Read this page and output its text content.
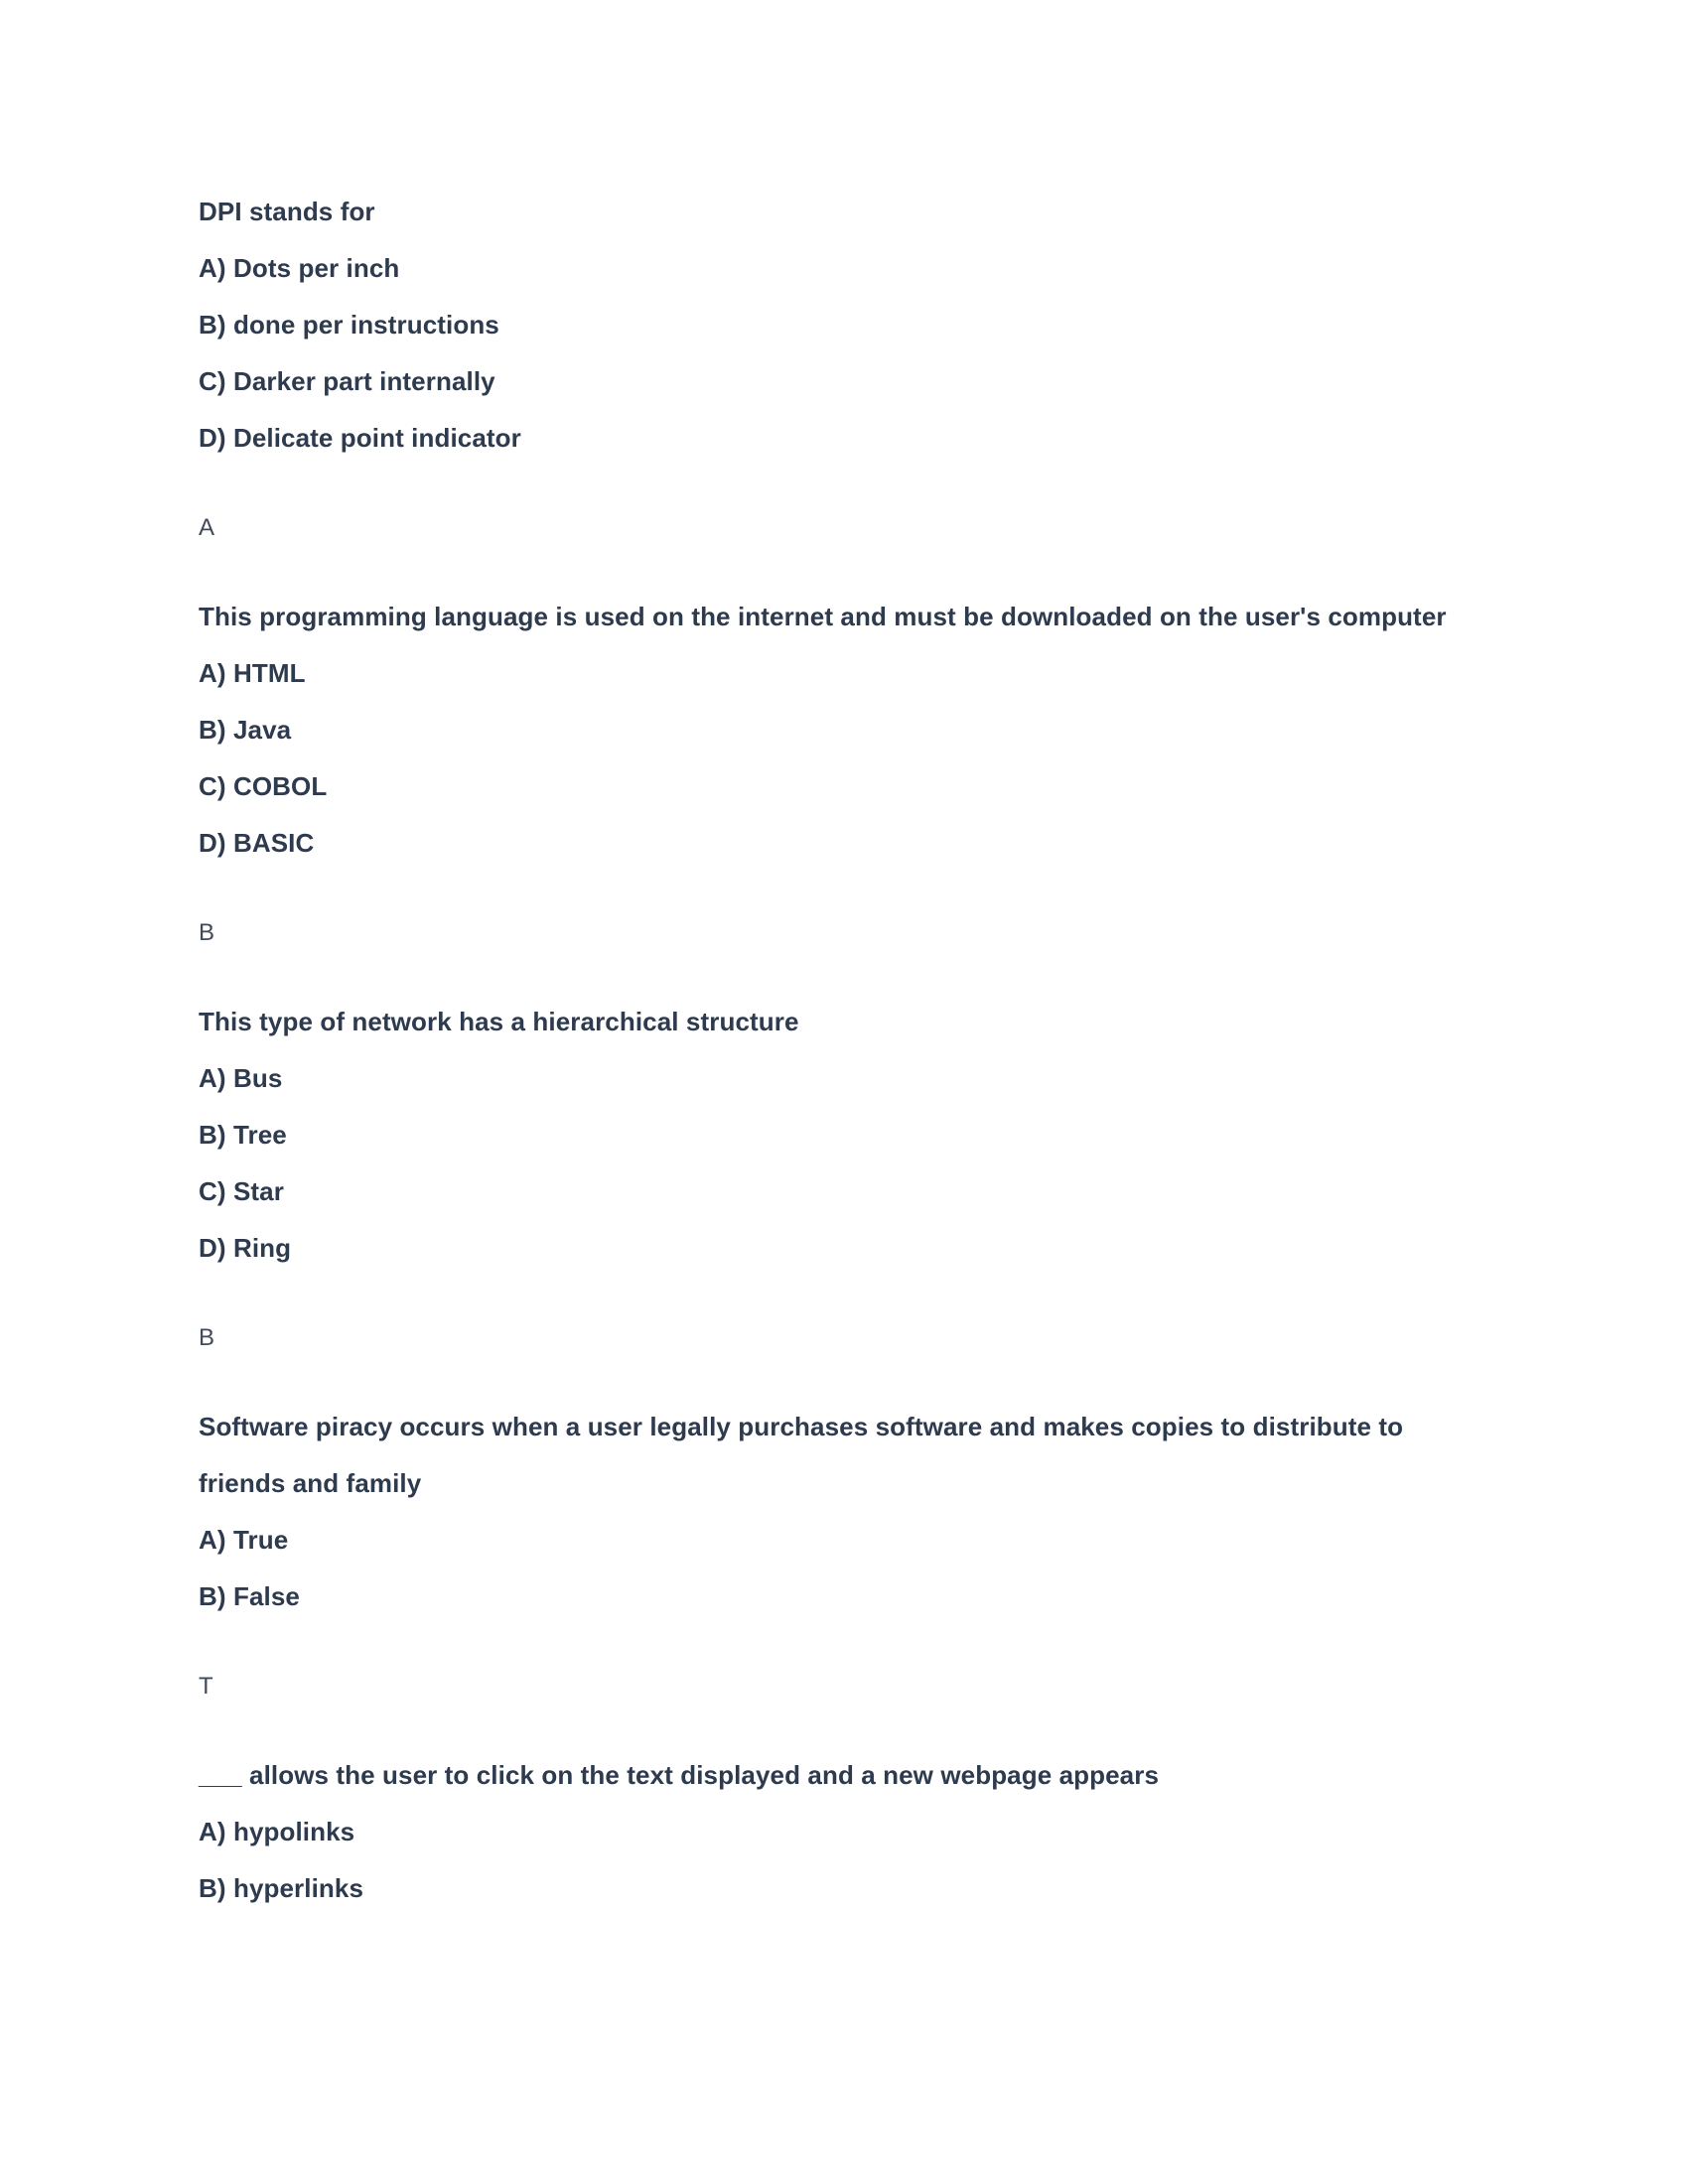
DPI stands for
A) Dots per inch
B) done per instructions
C) Darker part internally
D) Delicate point indicator
A
This programming language is used on the internet and must be downloaded on the user's computer
A) HTML
B) Java
C) COBOL
D) BASIC
B
This type of network has a hierarchical structure
A) Bus
B) Tree
C) Star
D) Ring
B
Software piracy occurs when a user legally purchases software and makes copies to distribute to friends and family
A) True
B) False
T
___ allows the user to click on the text displayed and a new webpage appears
A) hypolinks
B) hyperlinks
